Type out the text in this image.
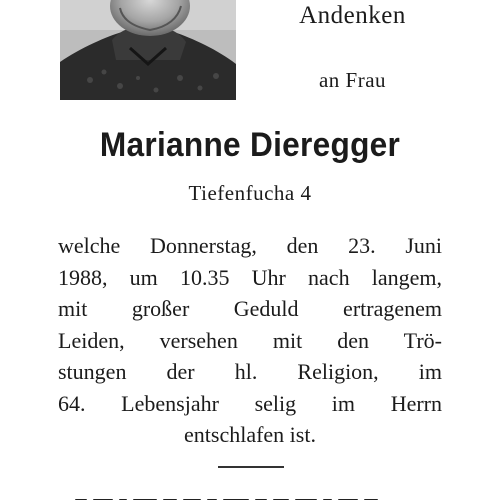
Andenken
an Frau
Marianne Dieregger
Tiefenfucha 4
welche Donnerstag, den 23. Juni
1988, um 10.35 Uhr nach langem,
mit großer Geduld ertragenem
Leiden, versehen mit den Trö-
stungen der hl. Religion, im
64. Lebensjahr selig im Herrn
entschlafen ist.
